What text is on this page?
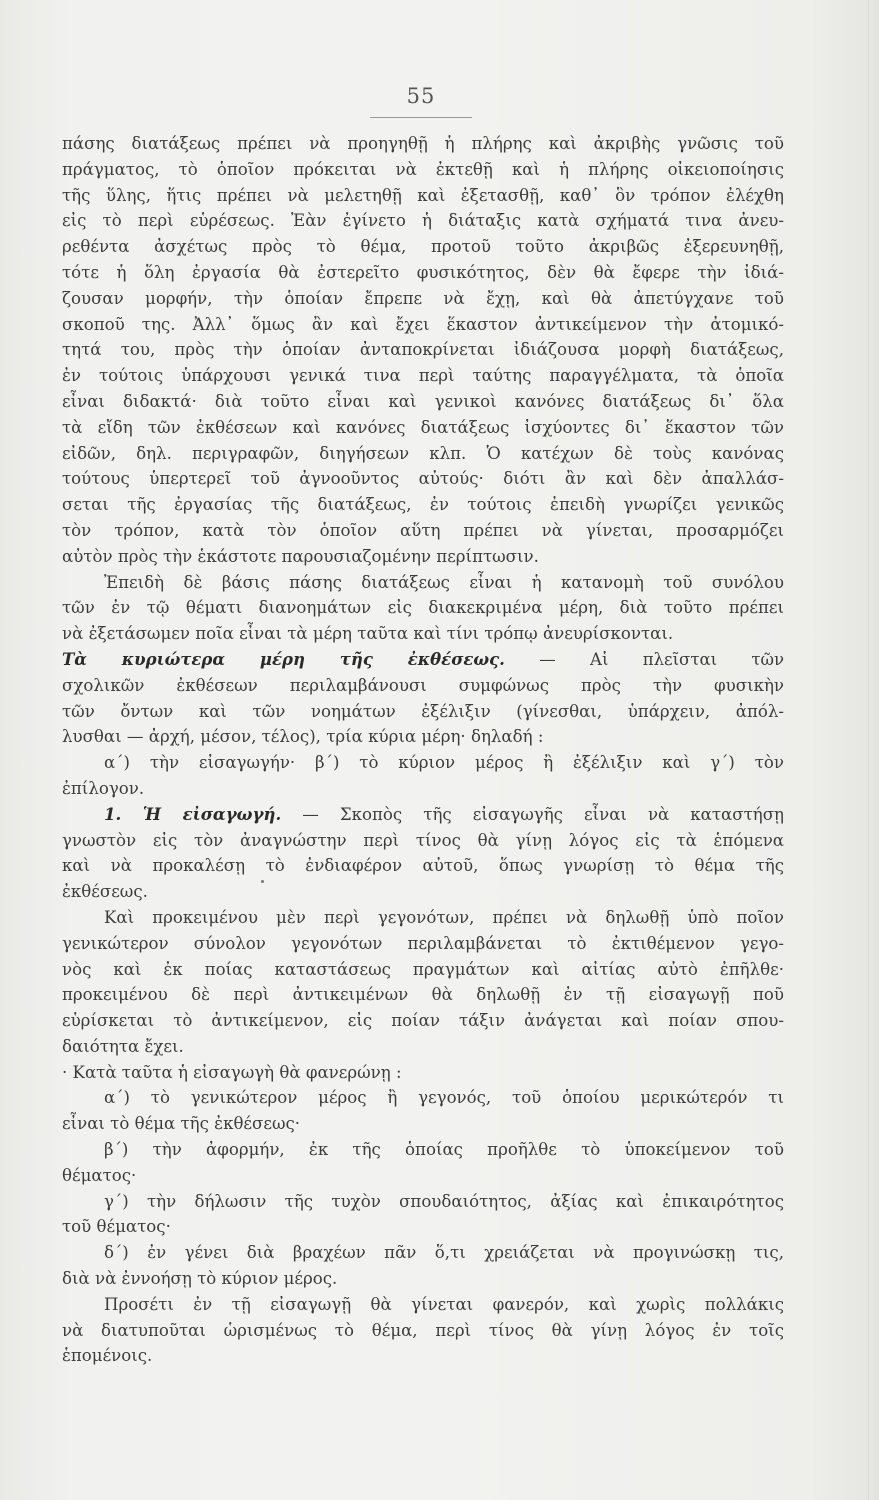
55
πάσης διατάξεως πρέπει νὰ προηγηθῇ ἡ πλήρης καὶ ἀκριβὴς γνῶσις τοῦ
πράγματος, τὸ ὁποῖον πρόκειται νὰ ἐκτεθῇ καὶ ἡ πλήρης οἰκειοποίησις
τῆς ὕλης, ἥτις πρέπει νὰ μελετηθῇ καὶ ἐξετασθῇ, καθ᾽ ὃν τρόπον ἐλέχθη
εἰς τὸ περὶ εὑρέσεως. Ἐὰν ἐγίνετο ἡ διάταξις κατὰ σχήματά τινα ἀνευ-
ρεθέντα ἀσχέτως πρὸς τὸ θέμα, προτοῦ τοῦτο ἀκριβῶς ἐξερευνηθῇ,
τότε ἡ ὅλη ἐργασία θὰ ἐστερεῖτο φυσικότητος, δὲν θὰ ἔφερε τὴν ἰδιά-
ζουσαν μορφήν, τὴν ὁποίαν ἔπρεπε νὰ ἔχῃ, καὶ θὰ ἀπετύγχανε τοῦ
σκοποῦ της. Ἀλλ᾽ ὅμως ἂν καὶ ἔχει ἕκαστον ἀντικείμενον τὴν ἀτομικό-
τητά του, πρὸς τὴν ὁποίαν ἀνταποκρίνεται ἰδιάζουσα μορφὴ διατάξεως,
ἐν τούτοις ὑπάρχουσι γενικά τινα περὶ ταύτης παραγγέλματα, τὰ ὁποῖα
εἶναι διδακτά· διὰ τοῦτο εἶναι καὶ γενικοὶ κανόνες διατάξεως δι᾽ ὅλα
τὰ εἴδη τῶν ἐκθέσεων καὶ κανόνες διατάξεως ἰσχύοντες δι᾽ ἕκαστον τῶν
εἰδῶν, δηλ. περιγραφῶν, διηγήσεων κλπ. Ὁ κατέχων δὲ τοὺς κανόνας
τούτους ὑπερτερεῖ τοῦ ἀγνοοῦντος αὐτούς· διότι ἂν καὶ δὲν ἀπαλλάσ-
σεται τῆς ἐργασίας τῆς διατάξεως, ἐν τούτοις ἐπειδὴ γνωρίζει γενικῶς
τὸν τρόπον, κατὰ τὸν ὁποῖον αὕτη πρέπει νὰ γίνεται, προσαρμόζει
αὐτὸν πρὸς τὴν ἑκάστοτε παρουσιαζομένην περίπτωσιν.
Ἐπειδὴ δὲ βάσις πάσης διατάξεως εἶναι ἡ κατανομὴ τοῦ συνόλου
τῶν ἐν τῷ θέματι διανοημάτων εἰς διακεκριμένα μέρη, διὰ τοῦτο πρέπει
νὰ ἐξετάσωμεν ποῖα εἶναι τὰ μέρη ταῦτα καὶ τίνι τρόπῳ ἀνευρίσκονται.
Τὰ κυριώτερα μέρη τῆς ἐκθέσεως. — Αἱ πλεῖσται τῶν
σχολικῶν ἐκθέσεων περιλαμβάνουσι συμφώνως πρὸς τὴν φυσικὴν
τῶν ὄντων καὶ τῶν νοημάτων ἐξέλιξιν (γίνεσθαι, ὑπάρχειν, ἀπόλ-
λυσθαι — ἀρχή, μέσον, τέλος), τρία κύρια μέρη· δηλαδή :
α΄) τὴν εἰσαγωγήν· β΄) τὸ κύριον μέρος ἢ ἐξέλιξιν καὶ γ΄) τὸν
ἐπίλογον.
1. Ἡ εἰσαγωγή. — Σκοπὸς τῆς εἰσαγωγῆς εἶναι νὰ καταστήσῃ
γνωστὸν εἰς τὸν ἀναγνώστην περὶ τίνος θὰ γίνῃ λόγος εἰς τὰ ἑπόμενα
καὶ νὰ προκαλέσῃ τὸ ἐνδιαφέρον αὐτοῦ, ὅπως γνωρίσῃ τὸ θέμα τῆς
ἐκθέσεως.
Καὶ προκειμένου μὲν περὶ γεγονότων, πρέπει νὰ δηλωθῇ ὑπὸ ποῖον
γενικώτερον σύνολον γεγονότων περιλαμβάνεται τὸ ἐκτιθέμενον γεγο-
νὸς καὶ ἐκ ποίας καταστάσεως πραγμάτων καὶ αἰτίας αὐτὸ ἐπῆλθε·
προκειμένου δὲ περὶ ἀντικειμένων θὰ δηλωθῇ ἐν τῇ εἰσαγωγῇ ποῦ
εὑρίσκεται τὸ ἀντικείμενον, εἰς ποίαν τάξιν ἀνάγεται καὶ ποίαν σπου-
δαιότητα ἔχει.
· Κατὰ ταῦτα ἡ εἰσαγωγὴ θὰ φανερώνῃ :
α΄) τὸ γενικώτερον μέρος ἢ γεγονός, τοῦ ὁποίου μερικώτερόν τι
εἶναι τὸ θέμα τῆς ἐκθέσεως·
β΄) τὴν ἀφορμήν, ἐκ τῆς ὁποίας προῆλθε τὸ ὑποκείμενον τοῦ
θέματος·
γ΄) τὴν δήλωσιν τῆς τυχὸν σπουδαιότητος, ἀξίας καὶ ἐπικαιρότητος
τοῦ θέματος·
δ΄) ἐν γένει διὰ βραχέων πᾶν ὅ,τι χρειάζεται νὰ προγινώσκῃ τις,
διὰ νὰ ἐννοήσῃ τὸ κύριον μέρος.
Προσέτι ἐν τῇ εἰσαγωγῇ θὰ γίνεται φανερόν, καὶ χωρὶς πολλάκις
νὰ διατυποῦται ὡρισμένως τὸ θέμα, περὶ τίνος θὰ γίνῃ λόγος ἐν τοῖς
ἑπομένοις.
